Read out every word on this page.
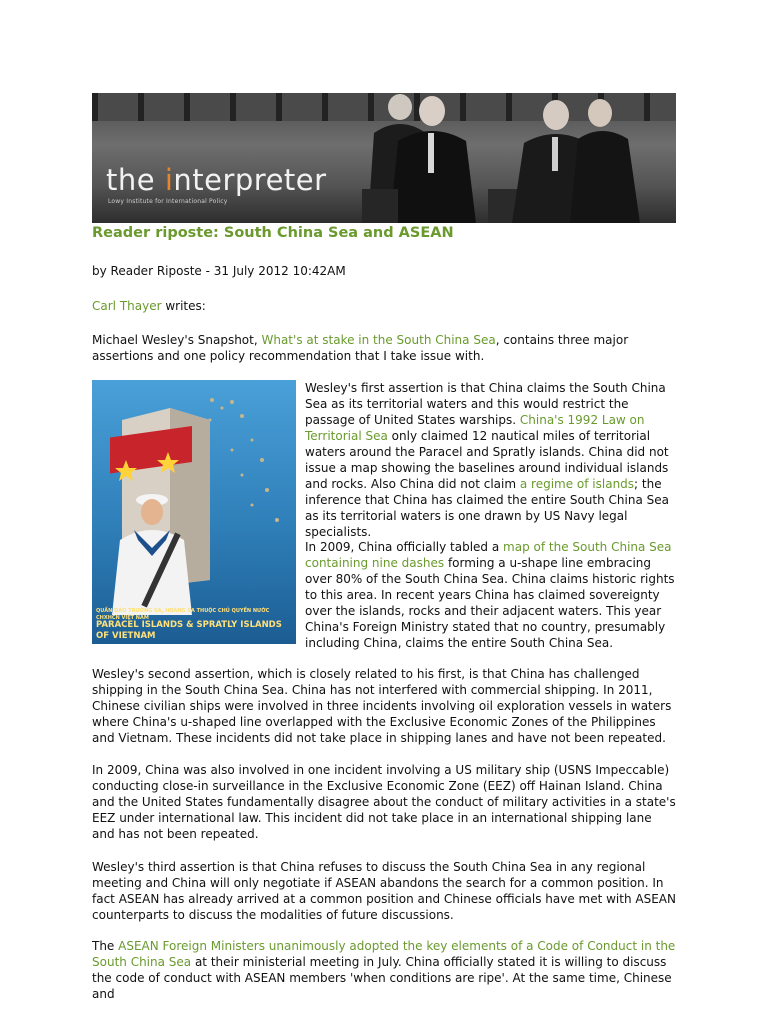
the interpreter
Lowy Institute for International Policy
Reader riposte: South China Sea and ASEAN
by Reader Riposte - 31 July 2012 10:42AM
Carl Thayer writes:
Michael Wesley's Snapshot, What's at stake in the South China Sea, contains three major assertions and one policy recommendation that I take issue with.
QUẦN ĐẢO TRƯỜNG SA, HOÀNG SA THUỘC CHỦ QUYỀN NƯỚC CHXHCN VIỆT NAM
PARACEL ISLANDS & SPRATLY ISLANDS OF VIETNAM
Wesley's first assertion is that China claims the South China Sea as its territorial waters and this would restrict the passage of United States warships. China's 1992 Law on Territorial Sea only claimed 12 nautical miles of territorial waters around the Paracel and Spratly islands. China did not issue a map showing the baselines around individual islands and rocks. Also China did not claim a regime of islands; the inference that China has claimed the entire South China Sea as its territorial waters is one drawn by US Navy legal specialists.
In 2009, China officially tabled a map of the South China Sea containing nine dashes forming a u-shape line embracing over 80% of the South China Sea. China claims historic rights to this area. In recent years China has claimed sovereignty over the islands, rocks and their adjacent waters. This year China's Foreign Ministry stated that no country, presumably including China, claims the entire South China Sea.
Wesley's second assertion, which is closely related to his first, is that China has challenged shipping in the South China Sea. China has not interfered with commercial shipping. In 2011, Chinese civilian ships were involved in three incidents involving oil exploration vessels in waters where China's u-shaped line overlapped with the Exclusive Economic Zones of the Philippines and Vietnam. These incidents did not take place in shipping lanes and have not been repeated.
In 2009, China was also involved in one incident involving a US military ship (USNS Impeccable) conducting close-in surveillance in the Exclusive Economic Zone (EEZ) off Hainan Island. China and the United States fundamentally disagree about the conduct of military activities in a state's EEZ under international law. This incident did not take place in an international shipping lane and has not been repeated.
Wesley's third assertion is that China refuses to discuss the South China Sea in any regional meeting and China will only negotiate if ASEAN abandons the search for a common position. In fact ASEAN has already arrived at a common position and Chinese officials have met with ASEAN counterparts to discuss the modalities of future discussions.
The ASEAN Foreign Ministers unanimously adopted the key elements of a Code of Conduct in the South China Sea at their ministerial meeting in July. China officially stated it is willing to discuss the code of conduct with ASEAN members 'when conditions are ripe'. At the same time, Chinese and
